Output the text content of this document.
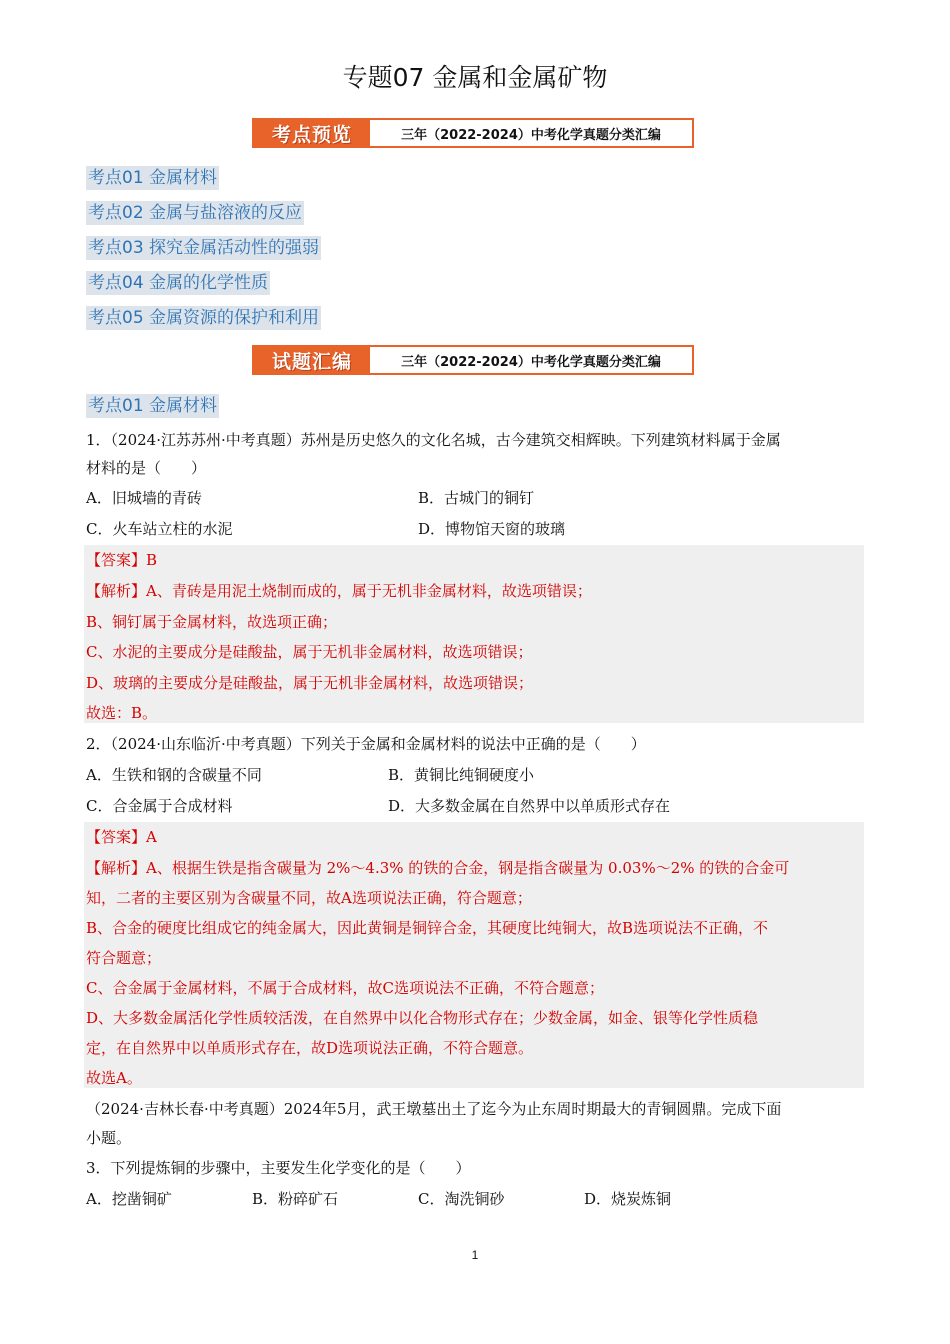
专题07 金属和金属矿物
考点预览	三年（2022-2024）中考化学真题分类汇编
考点01 金属材料
考点02 金属与盐溶液的反应
考点03 探究金属活动性的强弱
考点04 金属的化学性质
考点05 金属资源的保护和利用
试题汇编	三年（2022-2024）中考化学真题分类汇编
考点01 金属材料
1．（2024·江苏苏州·中考真题）苏州是历史悠久的文化名城，古今建筑交相辉映。下列建筑材料属于金属
材料的是（　　）
A．旧城墙的青砖	B．古城门的铜钉
C．火车站立柱的水泥	D．博物馆天窗的玻璃
【答案】B
【解析】A、青砖是用泥土烧制而成的，属于无机非金属材料，故选项错误；
B、铜钉属于金属材料，故选项正确；
C、水泥的主要成分是硅酸盐，属于无机非金属材料，故选项错误；
D、玻璃的主要成分是硅酸盐，属于无机非金属材料，故选项错误；
故选：B。
2．（2024·山东临沂·中考真题）下列关于金属和金属材料的说法中正确的是（　　）
A．生铁和钢的含碳量不同	B．黄铜比纯铜硬度小
C．合金属于合成材料	D．大多数金属在自然界中以单质形式存在
【答案】A
【解析】A、根据生铁是指含碳量为 2%～4.3% 的铁的合金，钢是指含碳量为 0.03%～2% 的铁的合金可
知，二者的主要区别为含碳量不同，故A选项说法正确，符合题意；
B、合金的硬度比组成它的纯金属大，因此黄铜是铜锌合金，其硬度比纯铜大，故B选项说法不正确，不
符合题意；
C、合金属于金属材料，不属于合成材料，故C选项说法不正确，不符合题意；
D、大多数金属活化学性质较活泼，在自然界中以化合物形式存在；少数金属，如金、银等化学性质稳
定，在自然界中以单质形式存在，故D选项说法正确，不符合题意。
故选A。
（2024·吉林长春·中考真题）2024年5月，武王墩墓出土了迄今为止东周时期最大的青铜圆鼎。完成下面
小题。
3．下列提炼铜的步骤中，主要发生化学变化的是（　　）
A．挖凿铜矿	B．粉碎矿石	C．淘洗铜砂	D．烧炭炼铜
1
